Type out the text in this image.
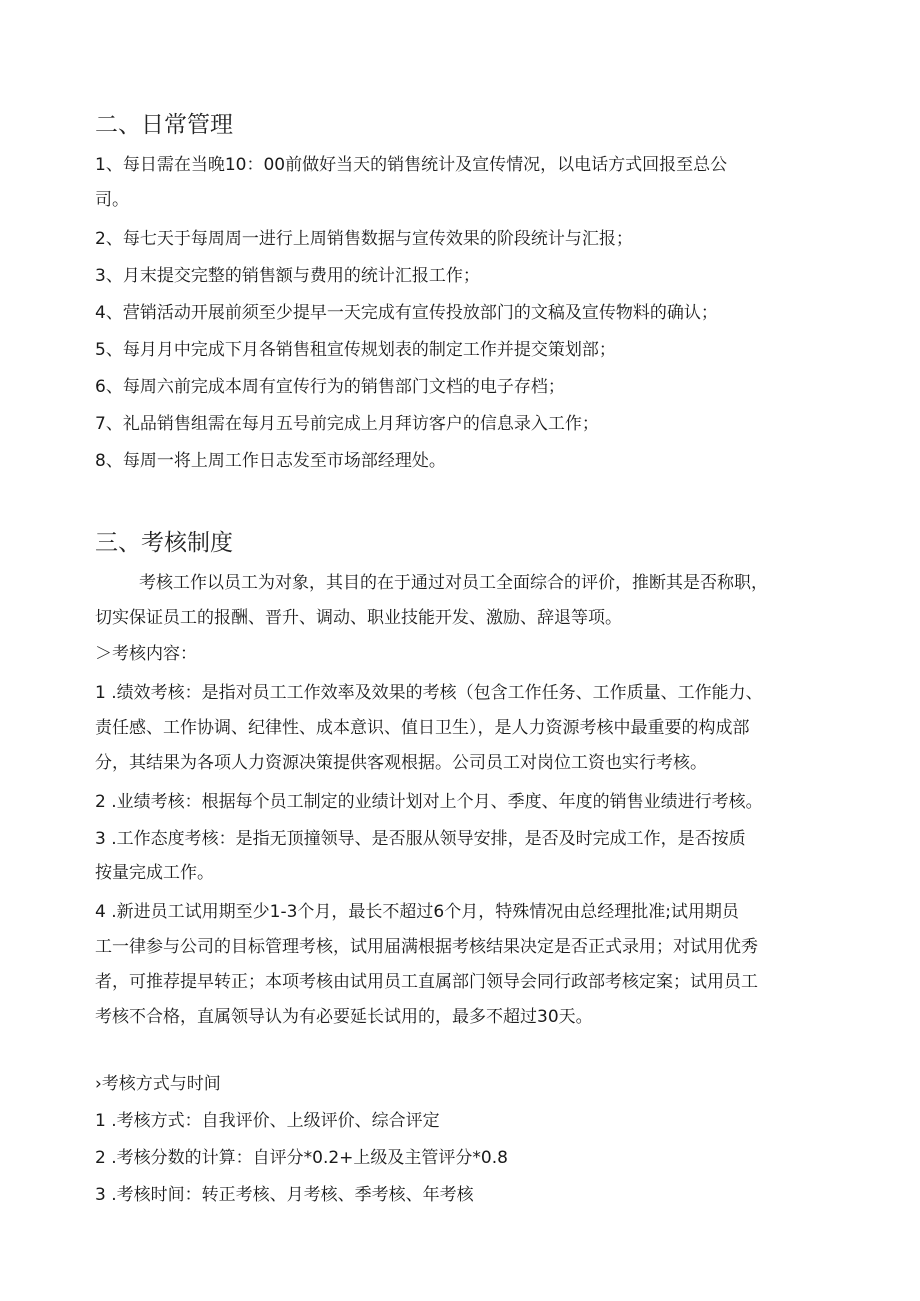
二、日常管理
1、每日需在当晚10：00前做好当天的销售统计及宣传情况，以电话方式回报至总公
司。
2、每七天于每周周一进行上周销售数据与宣传效果的阶段统计与汇报；
3、月末提交完整的销售额与费用的统计汇报工作；
4、营销活动开展前须至少提早一天完成有宣传投放部门的文稿及宣传物料的确认；
5、每月月中完成下月各销售租宣传规划表的制定工作并提交策划部；
6、每周六前完成本周有宣传行为的销售部门文档的电子存档；
7、礼品销售组需在每月五号前完成上月拜访客户的信息录入工作；
8、每周一将上周工作日志发至市场部经理处。
三、考核制度
考核工作以员工为对象，其目的在于通过对员工全面综合的评价，推断其是否称职，
切实保证员工的报酬、晋升、调动、职业技能开发、激励、辞退等项。
＞考核内容：
1 .绩效考核：是指对员工工作效率及效果的考核（包含工作任务、工作质量、工作能力、
责任感、工作协调、纪律性、成本意识、值日卫生），是人力资源考核中最重要的构成部
分，其结果为各项人力资源决策提供客观根据。公司员工对岗位工资也实行考核。
2 .业绩考核：根据每个员工制定的业绩计划对上个月、季度、年度的销售业绩进行考核。
3 .工作态度考核：是指无顶撞领导、是否服从领导安排，是否及时完成工作，是否按质
按量完成工作。
4 .新进员工试用期至少1-3个月，最长不超过6个月，特殊情况由总经理批准;试用期员
工一律参与公司的目标管理考核，试用届满根据考核结果决定是否正式录用；对试用优秀
者，可推荐提早转正；本项考核由试用员工直属部门领导会同行政部考核定案；试用员工
考核不合格，直属领导认为有必要延长试用的，最多不超过30天。
›考核方式与时间
1 .考核方式：自我评价、上级评价、综合评定
2 .考核分数的计算：自评分*0.2+上级及主管评分*0.8
3 .考核时间：转正考核、月考核、季考核、年考核
